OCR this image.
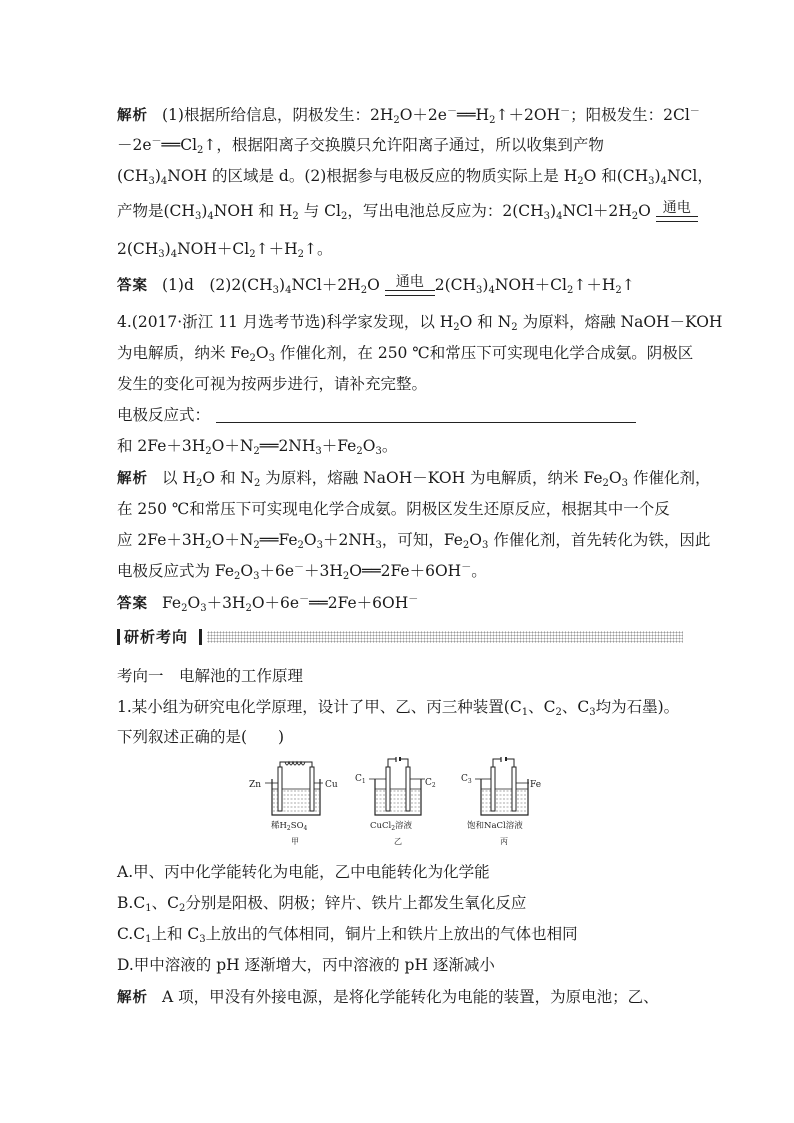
解析 (1)根据所给信息，阴极发生：$2H_2O+2e^-══H_2↑+2OH^-$；阳极发生：2Cl－
$-2e^-══Cl_2↑$，根据阳离子交换膜只允许阳离子通过，所以收集到产物
$(CH_3)_4NOH$ 的区域是 d。(2)根据参与电极反应的物质实际上是 $H_2O$ 和$(CH_3)_4NCl$，
产物是$(CH_3)_4NOH$ 和 $H_2$ 与 $Cl_2$，写出电池总反应为：$2(CH_3)_4NCl+2H_2O$ 通电
$2(CH_3)_4NOH+Cl_2↑+H_2↑$。
答案 (1)d　$(2)2(CH_3)_4NCl+2H_2O$	通电 $2(CH_3)_4NOH+Cl_2↑+H_2↑$
4.(2017·浙江 11 月选考节选)科学家发现，以 $H_2O$ 和 $N_2$ 为原料，熔融 NaOH－KOH
为电解质，纳米 $Fe_2O_3$ 作催化剂，在 250 ℃和常压下可实现电化学合成氨。阴极区
发生的变化可视为按两步进行，请补充完整。
电极反应式：
和 $2Fe+3H_2O+N_2══2NH_3+Fe_2O_3$。
解析 以 $H_2O$ 和 $N_2$ 为原料，熔融 NaOH－KOH 为电解质，纳米 $Fe_2O_3$ 作催化剂，
在 250 ℃和常压下可实现电化学合成氨。阴极区发生还原反应，根据其中一个反
应 $2Fe+3H_2O+N_2══Fe_2O_3+2NH_3$，可知，$Fe_2O_3$ 作催化剂，首先转化为铁，因此
电极反应式为 $Fe_2O_3+6e^-+3H_2O══2Fe+6OH^-$。
答案 $Fe_2O_3+3H_2O+6e^-══2Fe+6OH^-$
研析考向
考向一　电解池的工作原理
1.某小组为研究电化学原理，设计了甲、乙、丙三种装置($C_1$、$C_2$、$C_3$均为石墨)。
下列叙述正确的是(　　)
Zn	Cu
稀$H_2SO_4$
甲
$C_1$	$C_2$
CuCl$_2$溶液
乙
$C_3$	Fe
饱和NaCl溶液
丙
A.甲、丙中化学能转化为电能，乙中电能转化为化学能
$B.C_1$、$C_2$分别是阳极、阴极；锌片、铁片上都发生氧化反应
$C.C_1$上和 $C_3$上放出的气体相同，铜片上和铁片上放出的气体也相同
D.甲中溶液的 pH 逐渐增大，丙中溶液的 pH 逐渐减小
解析 A 项，甲没有外接电源，是将化学能转化为电能的装置，为原电池；乙、
